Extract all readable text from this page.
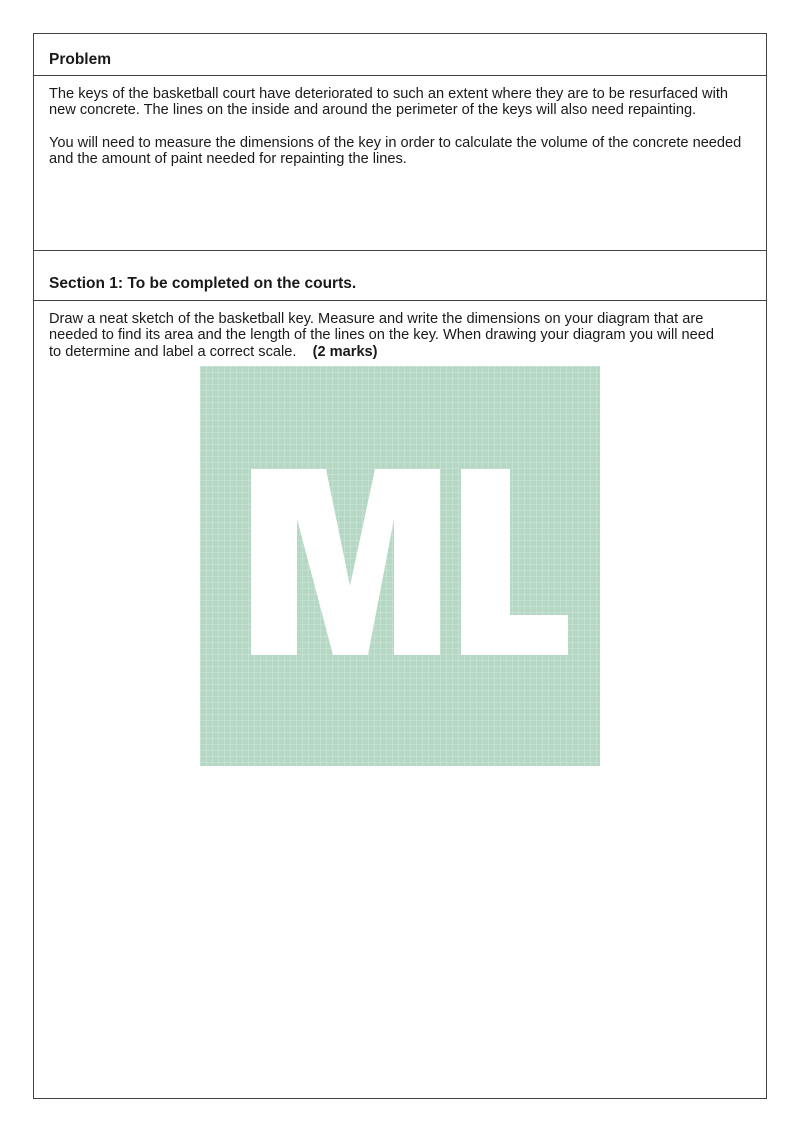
Problem

The keys of the basketball court have deteriorated to such an extent where they are to be resurfaced with new concrete. The lines on the inside and around the perimeter of the keys will also need repainting.

You will need to measure the dimensions of the key in order to calculate the volume of the concrete needed and the amount of paint needed for repainting the lines.

Section 1: To be completed on the courts.
Draw a neat sketch of the basketball key. Measure and write the dimensions on your diagram that are needed to find its area and the length of the lines on the key. When drawing your diagram you will need to determine and label a correct scale. (2 marks)
